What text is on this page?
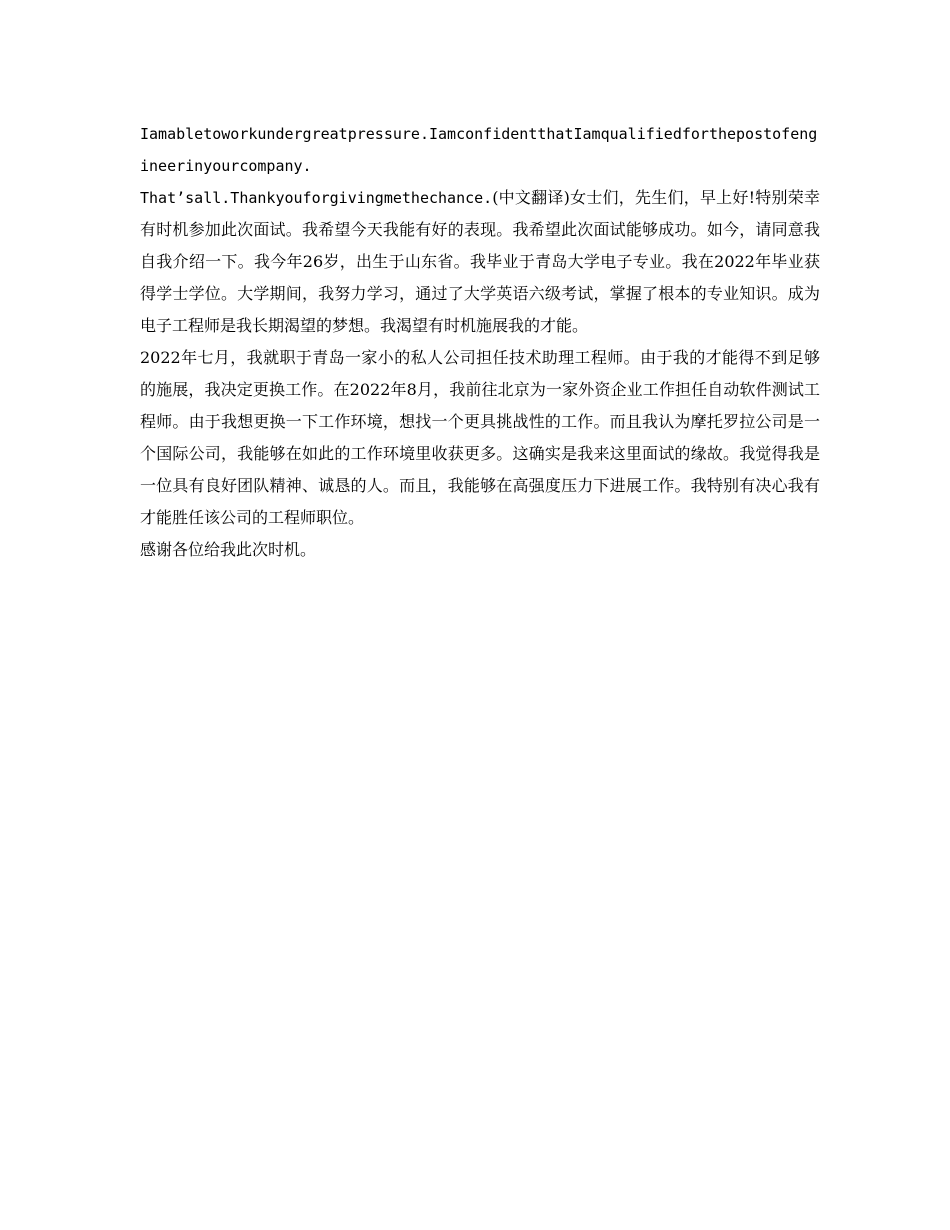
Iamabletoworkundergreatpressure.IamconfidentthatIamqualifiedforthepostofengineerinyourcompany.

That’sall.Thankyouforgivingmethechance.(中文翻译)女士们，先生们，早上好!特别荣幸有时机参加此次面试。我希望今天我能有好的表现。我希望此次面试能够成功。如今，请同意我自我介绍一下。我今年26岁，出生于山东省。我毕业于青岛大学电子专业。我在2022年毕业获得学士学位。大学期间，我努力学习，通过了大学英语六级考试，掌握了根本的专业知识。成为电子工程师是我长期渴望的梦想。我渴望有时机施展我的才能。

2022年七月，我就职于青岛一家小的私人公司担任技术助理工程师。由于我的才能得不到足够的施展，我决定更换工作。在2022年8月，我前往北京为一家外资企业工作担任自动软件测试工程师。由于我想更换一下工作环境，想找一个更具挑战性的工作。而且我认为摩托罗拉公司是一个国际公司，我能够在如此的工作环境里收获更多。这确实是我来这里面试的缘故。我觉得我是一位具有良好团队精神、诚恳的人。而且，我能够在高强度压力下进展工作。我特别有决心我有才能胜任该公司的工程师职位。

感谢各位给我此次时机。
